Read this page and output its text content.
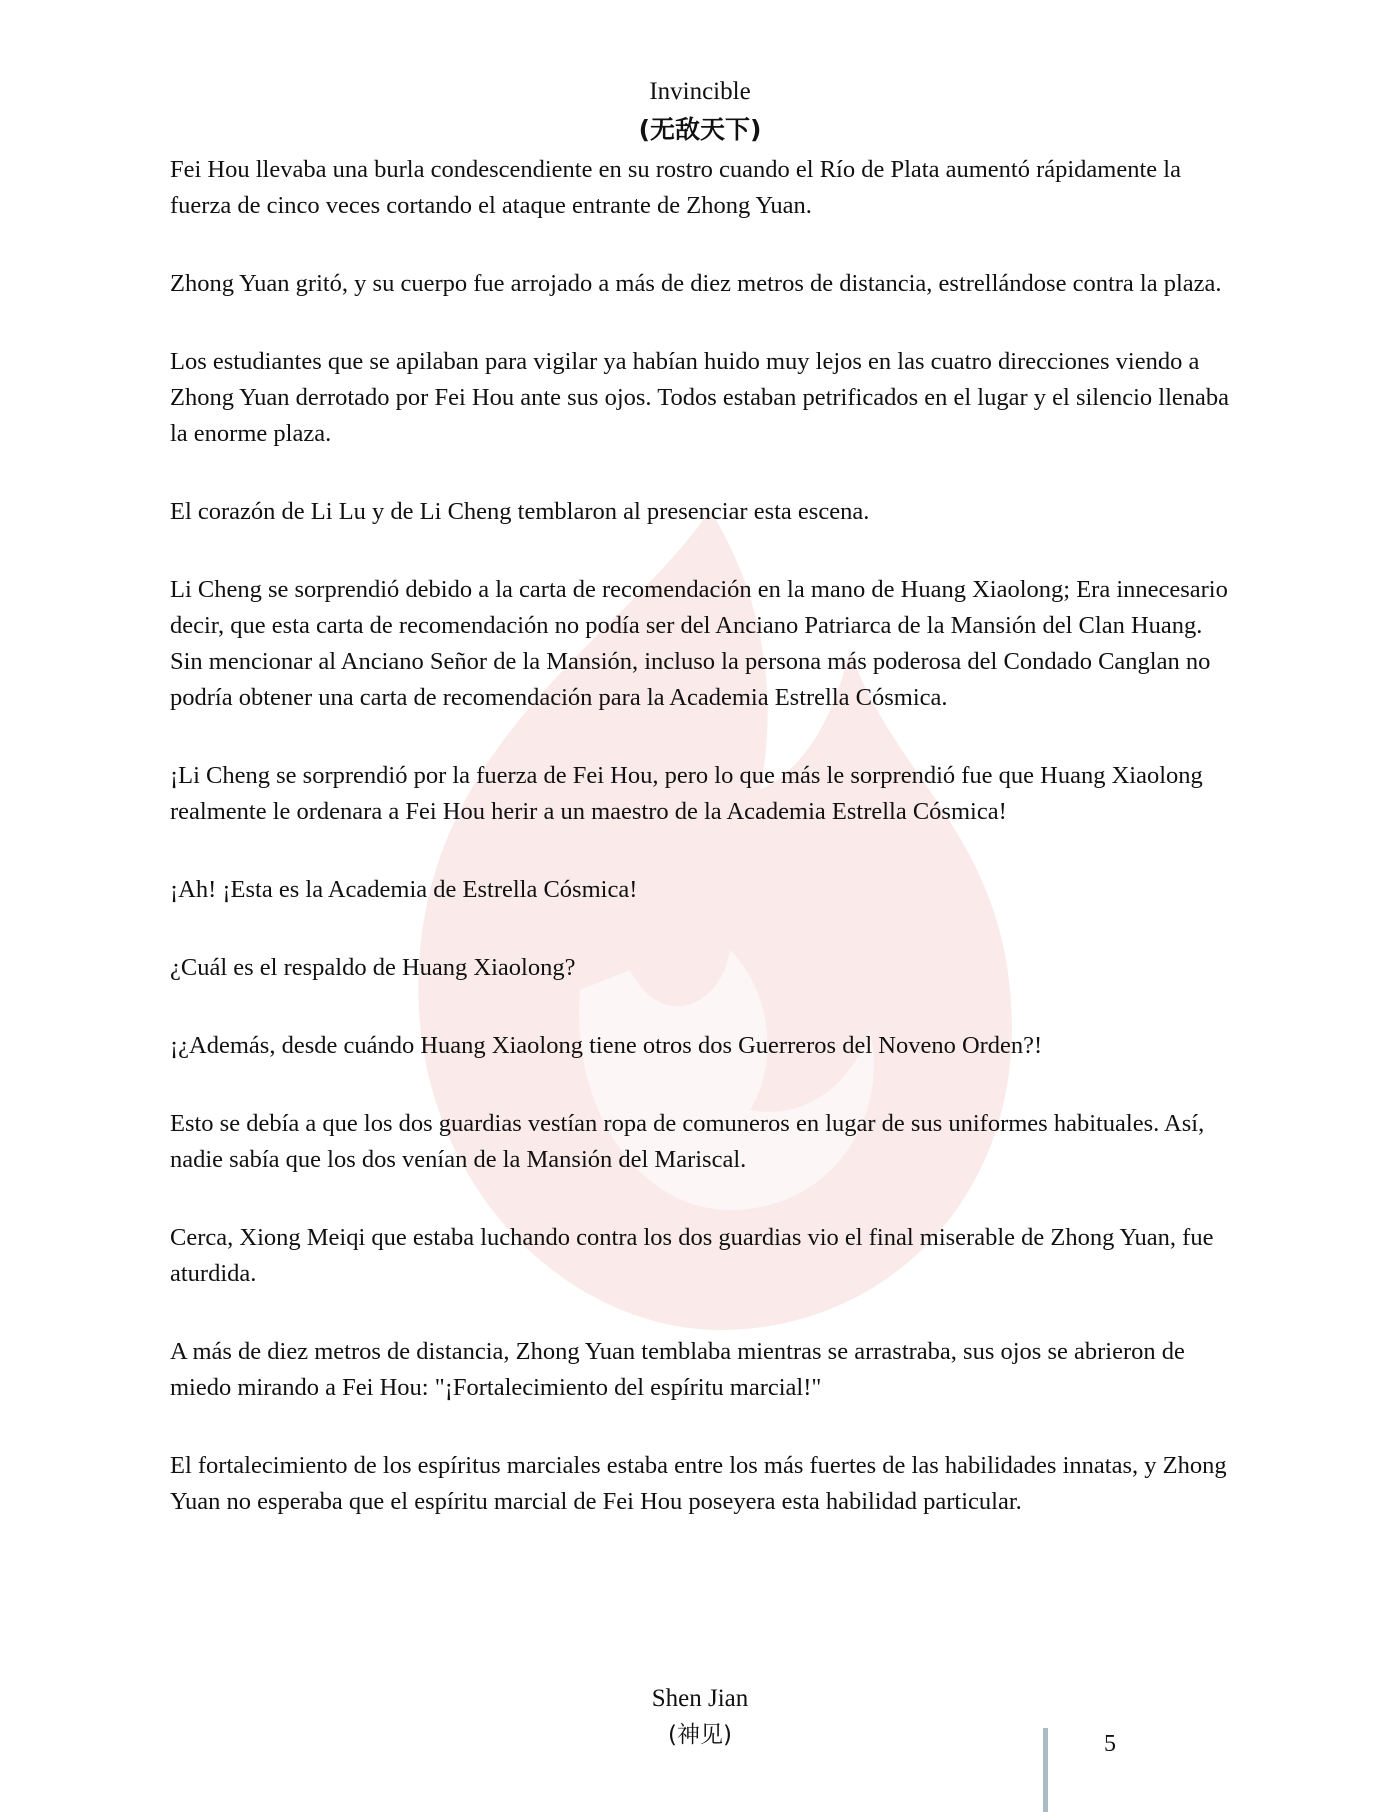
Invincible

(无敌天下)

Fei Hou llevaba una burla condescendiente en su rostro cuando el Río de Plata aumentó rápidamente la fuerza de cinco veces cortando el ataque entrante de Zhong Yuan.

Zhong Yuan gritó, y su cuerpo fue arrojado a más de diez metros de distancia, estrellándose contra la plaza.

Los estudiantes que se apilaban para vigilar ya habían huido muy lejos en las cuatro direcciones viendo a Zhong Yuan derrotado por Fei Hou ante sus ojos. Todos estaban petrificados en el lugar y el silencio llenaba la enorme plaza.

El corazón de Li Lu y de Li Cheng temblaron al presenciar esta escena.

Li Cheng se sorprendió debido a la carta de recomendación en la mano de Huang Xiaolong; Era innecesario decir, que esta carta de recomendación no podía ser del Anciano Patriarca de la Mansión del Clan Huang. Sin mencionar al Anciano Señor de la Mansión, incluso la persona más poderosa del Condado Canglan no podría obtener una carta de recomendación para la Academia Estrella Cósmica.

¡Li Cheng se sorprendió por la fuerza de Fei Hou, pero lo que más le sorprendió fue que Huang Xiaolong realmente le ordenara a Fei Hou herir a un maestro de la Academia Estrella Cósmica!

¡Ah! ¡Esta es la Academia de Estrella Cósmica!

¿Cuál es el respaldo de Huang Xiaolong?

¡¿Además, desde cuándo Huang Xiaolong tiene otros dos Guerreros del Noveno Orden?!

Esto se debía a que los dos guardias vestían ropa de comuneros en lugar de sus uniformes habituales. Así, nadie sabía que los dos venían de la Mansión del Mariscal.

Cerca, Xiong Meiqi que estaba luchando contra los dos guardias vio el final miserable de Zhong Yuan, fue aturdida.

A más de diez metros de distancia, Zhong Yuan temblaba mientras se arrastraba, sus ojos se abrieron de miedo mirando a Fei Hou: "¡Fortalecimiento del espíritu marcial!"

El fortalecimiento de los espíritus marciales estaba entre los más fuertes de las habilidades innatas, y Zhong Yuan no esperaba que el espíritu marcial de Fei Hou poseyera esta habilidad particular.

Shen Jian
(神见)	5
